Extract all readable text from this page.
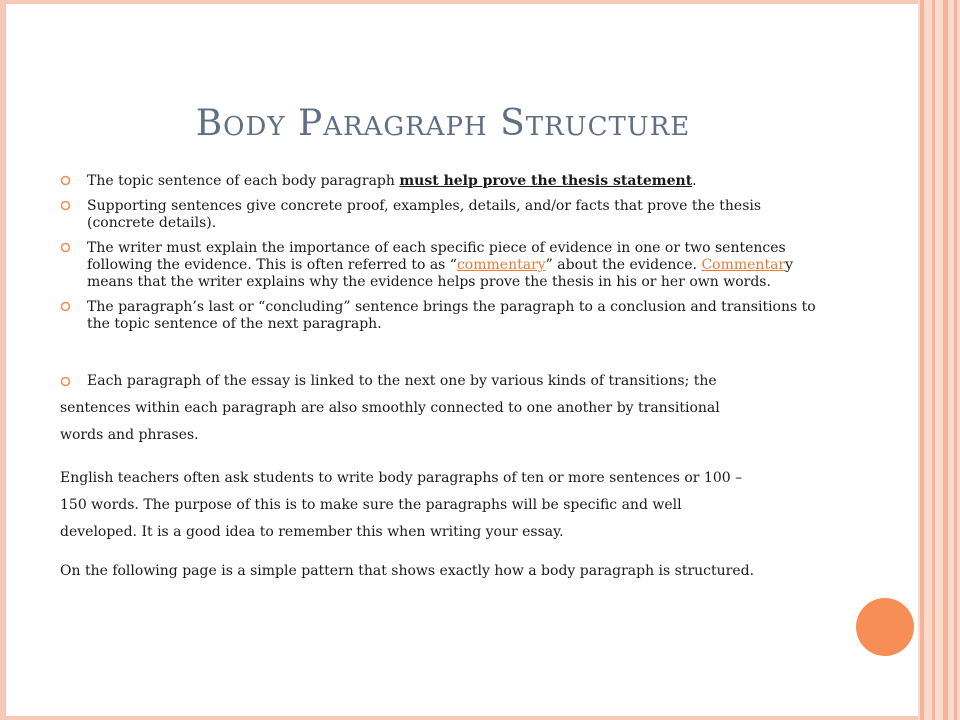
BODY PARAGRAPH STRUCTURE
The topic sentence of each body paragraph must help prove the thesis statement.
Supporting sentences give concrete proof, examples, details, and/or facts that prove the thesis (concrete details).
The writer must explain the importance of each specific piece of evidence in one or two sentences following the evidence. This is often referred to as “commentary” about the evidence. Commentary means that the writer explains why the evidence helps prove the thesis in his or her own words.
The paragraph’s last or “concluding” sentence brings the paragraph to a conclusion and transitions to the topic sentence of the next paragraph.
Each paragraph of the essay is linked to the next one by various kinds of transitions; the
sentences within each paragraph are also smoothly connected to one another by transitional
words and phrases.
English teachers often ask students to write body paragraphs of ten or more sentences or 100 –
150 words. The purpose of this is to make sure the paragraphs will be specific and well
developed. It is a good idea to remember this when writing your essay.
On the following page is a simple pattern that shows exactly how a body paragraph is structured.
